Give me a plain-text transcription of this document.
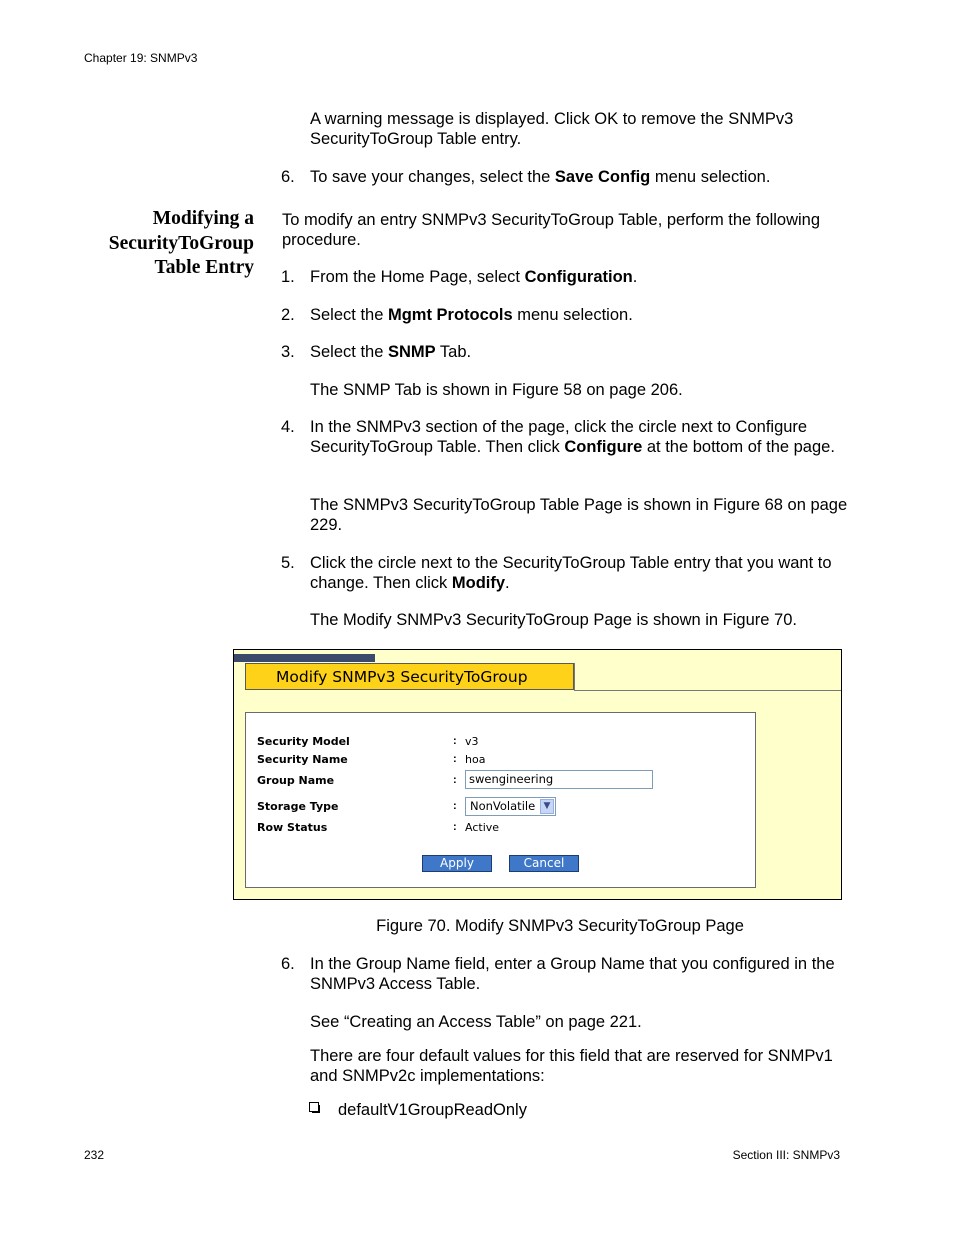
Chapter 19: SNMPv3
232	Section III: SNMPv3
A warning message is displayed. Click OK to remove the SNMPv3 SecurityToGroup Table entry.
6. To save your changes, select the Save Config menu selection.
Modifying a
SecurityToGroup
Table Entry
To modify an entry SNMPv3 SecurityToGroup Table, perform the following procedure.
1. From the Home Page, select Configuration.
2. Select the Mgmt Protocols menu selection.
3. Select the SNMP Tab.
The SNMP Tab is shown in Figure 58 on page 206.
4. In the SNMPv3 section of the page, click the circle next to Configure SecurityToGroup Table. Then click Configure at the bottom of the page.
The SNMPv3 SecurityToGroup Table Page is shown in Figure 68 on page 229.
5. Click the circle next to the SecurityToGroup Table entry that you want to change. Then click Modify.
The Modify SNMPv3 SecurityToGroup Page is shown in Figure 70.
Modify SNMPv3 SecurityToGroup
Security Model	: v3
Security Name	: hoa
Group Name	:	swengineering
Storage Type	:	NonVolatile ▼
Row Status	: Active
Apply	Cancel
Figure 70. Modify SNMPv3 SecurityToGroup Page
6. In the Group Name field, enter a Group Name that you configured in the SNMPv3 Access Table.
See “Creating an Access Table” on page 221.
There are four default values for this field that are reserved for SNMPv1 and SNMPv2c implementations:
defaultV1GroupReadOnly
